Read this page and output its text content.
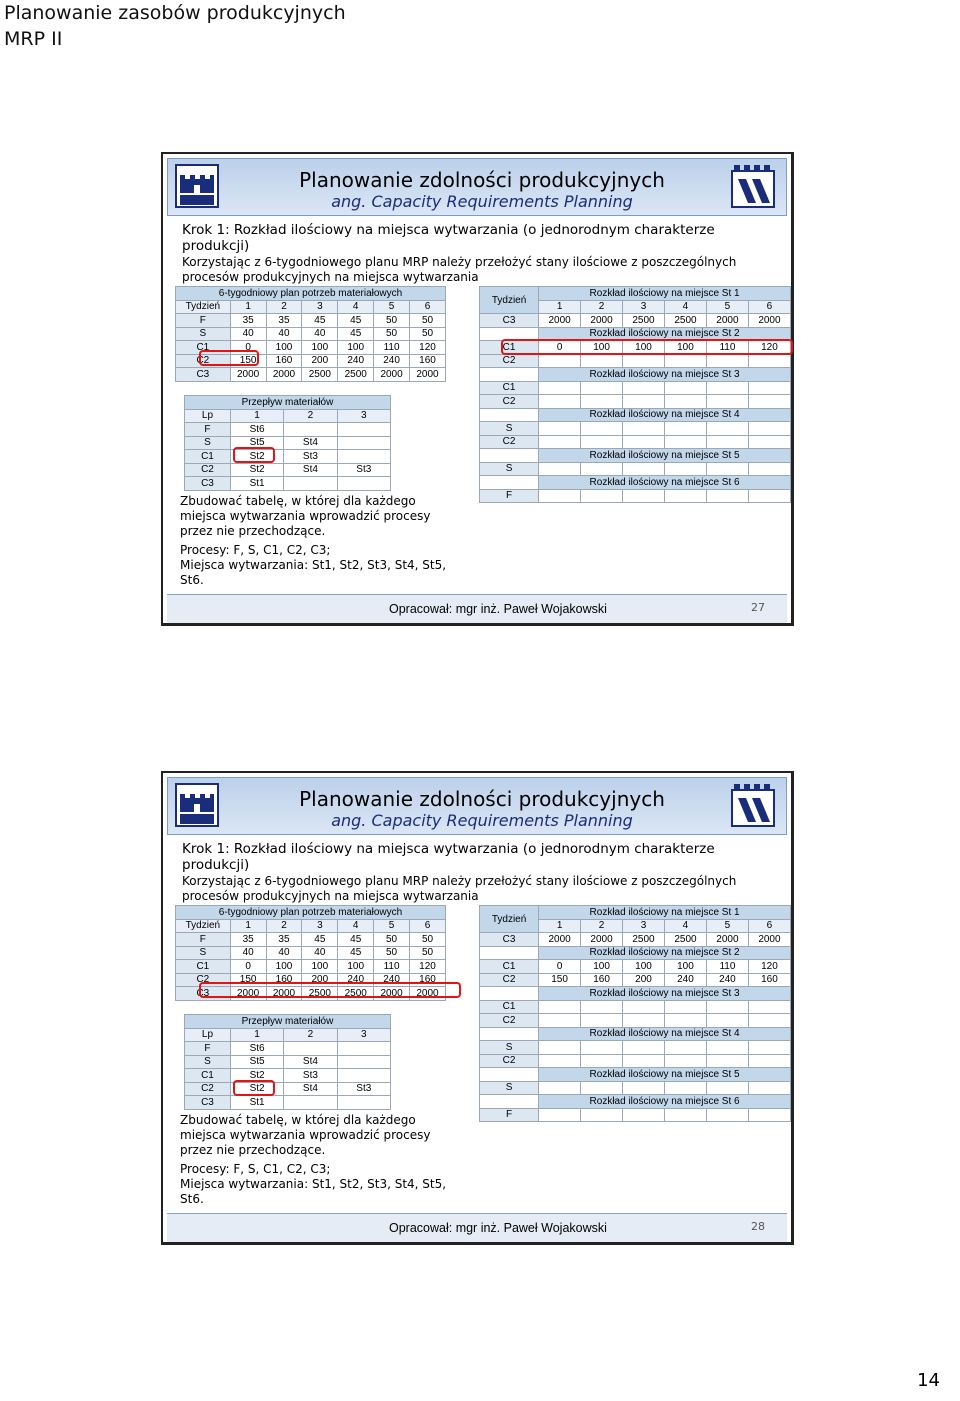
Planowanie zasobów produkcyjnych
MRP II
Planowanie zdolności produkcyjnych
ang. Capacity Requirements Planning
Krok 1: Rozkład ilościowy na miejsca wytwarzania (o jednorodnym charakterze produkcji)
Korzystając z 6-tygodniowego planu MRP należy przełożyć stany ilościowe z poszczególnych procesów produkcyjnych na miejsca wytwarzania
6-tygodniowy plan potrzeb materiałowych						
Tydzień	1	2	3	4	5	6
F	35	35	45	45	50	50
S	40	40	40	45	50	50
C1	0	100	100	100	110	120
C2	150	160	200	240	240	160
C3	2000	2000	2500	2500	2000	2000
Przepływ materiałów			
Lp	1	2	3
F	St6		
S	St5	St4	
C1	St2	St3	
C2	St2	St4	St3
C3	St1		
Tydzień	Rozkład ilościowy na miejsce St 1					
	1	2	3	4	5	6
C3	2000	2000	2500	2500	2000	2000
	Rozkład ilościowy na miejsce St 2					
C1	0	100	100	100	110	120
C2						
	Rozkład ilościowy na miejsce St 3					
C1						
C2						
	Rozkład ilościowy na miejsce St 4					
S						
C2						
	Rozkład ilościowy na miejsce St 5					
S						
	Rozkład ilościowy na miejsce St 6					
F						
Zbudować tabelę, w której dla każdego miejsca wytwarzania wprowadzić procesy przez nie przechodzące.
Procesy: F, S, C1, C2, C3;
Miejsca wytwarzania: St1, St2, St3, St4, St5, St6.
Opracował: mgr inż. Paweł Wojakowski	27
Planowanie zdolności produkcyjnych
ang. Capacity Requirements Planning
Krok 1: Rozkład ilościowy na miejsca wytwarzania (o jednorodnym charakterze produkcji)
Korzystając z 6-tygodniowego planu MRP należy przełożyć stany ilościowe z poszczególnych procesów produkcyjnych na miejsca wytwarzania
6-tygodniowy plan potrzeb materiałowych						
Tydzień	1	2	3	4	5	6
F	35	35	45	45	50	50
S	40	40	40	45	50	50
C1	0	100	100	100	110	120
C2	150	160	200	240	240	160
C3	2000	2000	2500	2500	2000	2000
Przepływ materiałów			
Lp	1	2	3
F	St6		
S	St5	St4	
C1	St2	St3	
C2	St2	St4	St3
C3	St1		
Tydzień	Rozkład ilościowy na miejsce St 1					
	1	2	3	4	5	6
C3	2000	2000	2500	2500	2000	2000
	Rozkład ilościowy na miejsce St 2					
C1	0	100	100	100	110	120
C2	150	160	200	240	240	160
	Rozkład ilościowy na miejsce St 3					
C1						
C2						
	Rozkład ilościowy na miejsce St 4					
S						
C2						
	Rozkład ilościowy na miejsce St 5					
S						
	Rozkład ilościowy na miejsce St 6					
F						
Zbudować tabelę, w której dla każdego miejsca wytwarzania wprowadzić procesy przez nie przechodzące.
Procesy: F, S, C1, C2, C3;
Miejsca wytwarzania: St1, St2, St3, St4, St5, St6.
Opracował: mgr inż. Paweł Wojakowski	28
14
